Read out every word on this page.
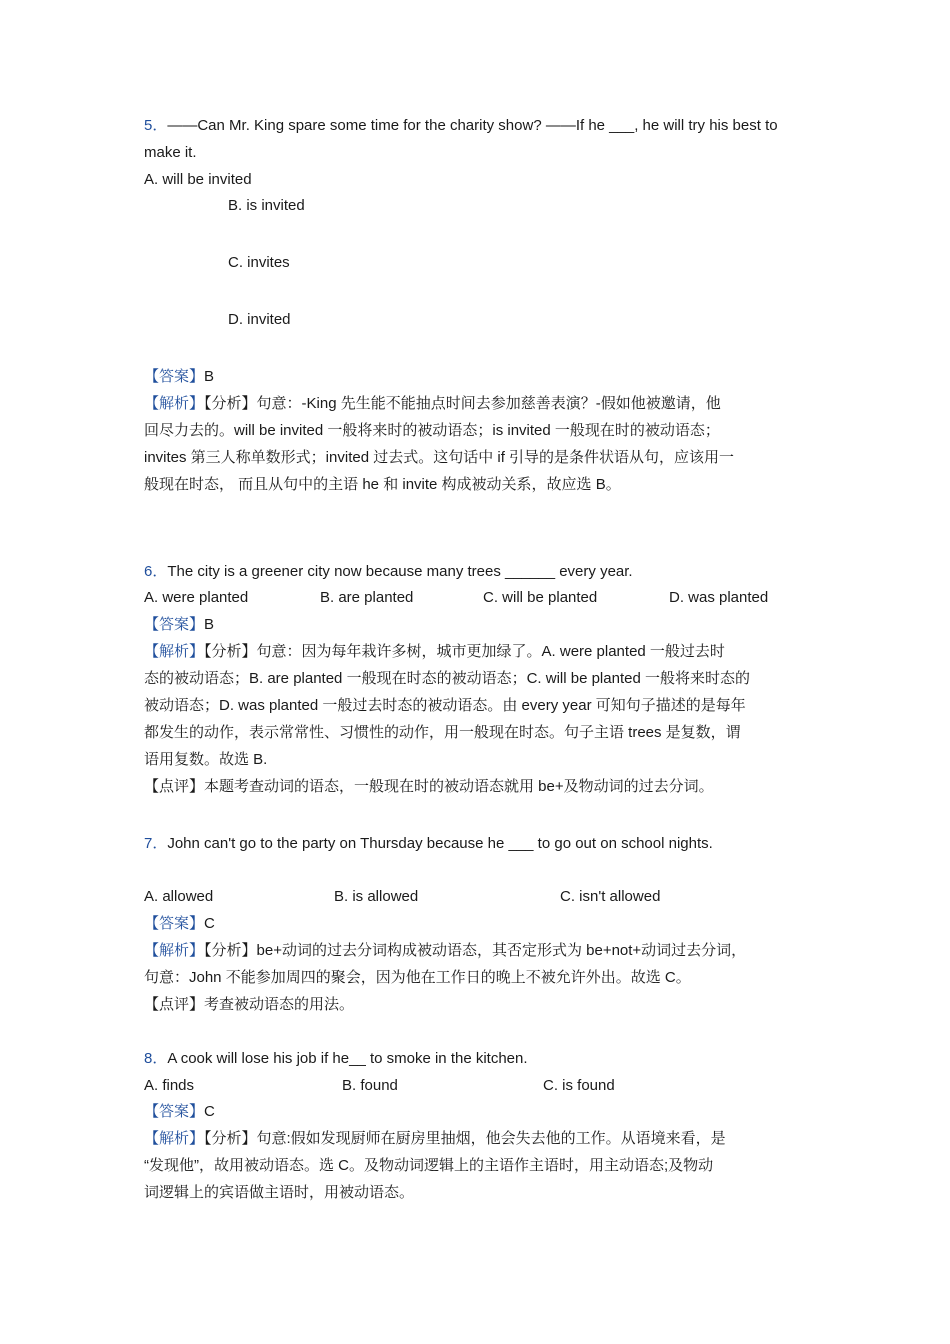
5．——Can Mr. King spare some time for the charity show? ——If he ___, he will try his best to
make it.
A. will be invited
B. is invited
C. invites
D. invited
【答案】B
【解析】【分析】句意：-King 先生能不能抽点时间去参加慈善表演？-假如他被邀请，他
回尽力去的。will be invited 一般将来时的被动语态；is invited 一般现在时的被动语态；
invites 第三人称单数形式；invited 过去式。这句话中 if 引导的是条件状语从句，应该用一
般现在时态， 而且从句中的主语 he 和 invite 构成被动关系，故应选 B。
6．The city is a greener city now because many trees ______ every year.
A. were planted	B. are planted	C. will be planted	D. was planted
【答案】B
【解析】【分析】句意：因为每年栽许多树，城市更加绿了。A. were planted 一般过去时
态的被动语态；B. are planted 一般现在时态的被动语态；C. will be planted 一般将来时态的
被动语态；D. was planted 一般过去时态的被动语态。由 every year 可知句子描述的是每年
都发生的动作，表示常常性、习惯性的动作，用一般现在时态。句子主语 trees 是复数，谓
语用复数。故选 B.
【点评】本题考查动词的语态，一般现在时的被动语态就用 be+及物动词的过去分词。
7．John can't go to the party on Thursday because he ___ to go out on school nights.
A. allowed	B. is allowed	C. isn't allowed
【答案】C
【解析】【分析】be+动词的过去分词构成被动语态，其否定形式为 be+not+动词过去分词，
句意：John 不能参加周四的聚会，因为他在工作日的晚上不被允许外出。故选 C。
【点评】考查被动语态的用法。
8．A cook will lose his job if he__ to smoke in the kitchen.
A. finds	B. found	C. is found
【答案】C
【解析】【分析】句意:假如发现厨师在厨房里抽烟，他会失去他的工作。从语境来看，是
“发现他”，故用被动语态。选 C。及物动词逻辑上的主语作主语时，用主动语态;及物动
词逻辑上的宾语做主语时，用被动语态。
